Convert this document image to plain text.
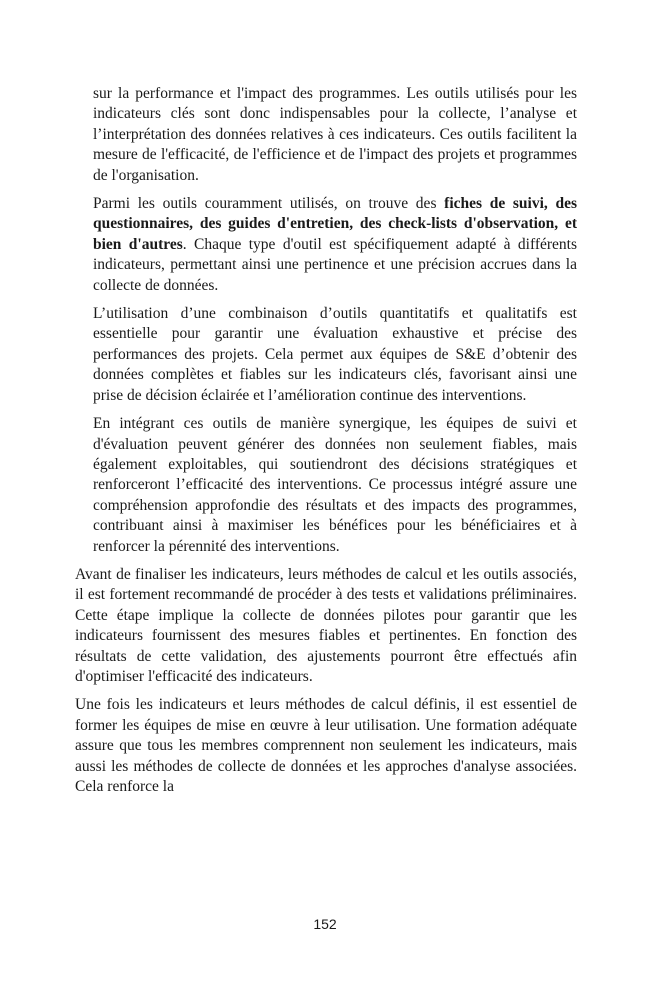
sur la performance et l'impact des programmes. Les outils utilisés pour les indicateurs clés sont donc indispensables pour la collecte, l’analyse et l’interprétation des données relatives à ces indicateurs. Ces outils facilitent la mesure de l'efficacité, de l'efficience et de l'impact des projets et programmes de l'organisation.

Parmi les outils couramment utilisés, on trouve des fiches de suivi, des questionnaires, des guides d'entretien, des check-lists d'observation, et bien d'autres. Chaque type d'outil est spécifiquement adapté à différents indicateurs, permettant ainsi une pertinence et une précision accrues dans la collecte de données.

L’utilisation d’une combinaison d’outils quantitatifs et qualitatifs est essentielle pour garantir une évaluation exhaustive et précise des performances des projets. Cela permet aux équipes de S&E d’obtenir des données complètes et fiables sur les indicateurs clés, favorisant ainsi une prise de décision éclairée et l’amélioration continue des interventions.

En intégrant ces outils de manière synergique, les équipes de suivi et d'évaluation peuvent générer des données non seulement fiables, mais également exploitables, qui soutiendront des décisions stratégiques et renforceront l’efficacité des interventions. Ce processus intégré assure une compréhension approfondie des résultats et des impacts des programmes, contribuant ainsi à maximiser les bénéfices pour les bénéficiaires et à renforcer la pérennité des interventions.

Avant de finaliser les indicateurs, leurs méthodes de calcul et les outils associés, il est fortement recommandé de procéder à des tests et validations préliminaires. Cette étape implique la collecte de données pilotes pour garantir que les indicateurs fournissent des mesures fiables et pertinentes. En fonction des résultats de cette validation, des ajustements pourront être effectués afin d'optimiser l'efficacité des indicateurs.

Une fois les indicateurs et leurs méthodes de calcul définis, il est essentiel de former les équipes de mise en œuvre à leur utilisation. Une formation adéquate assure que tous les membres comprennent non seulement les indicateurs, mais aussi les méthodes de collecte de données et les approches d'analyse associées. Cela renforce la

152
